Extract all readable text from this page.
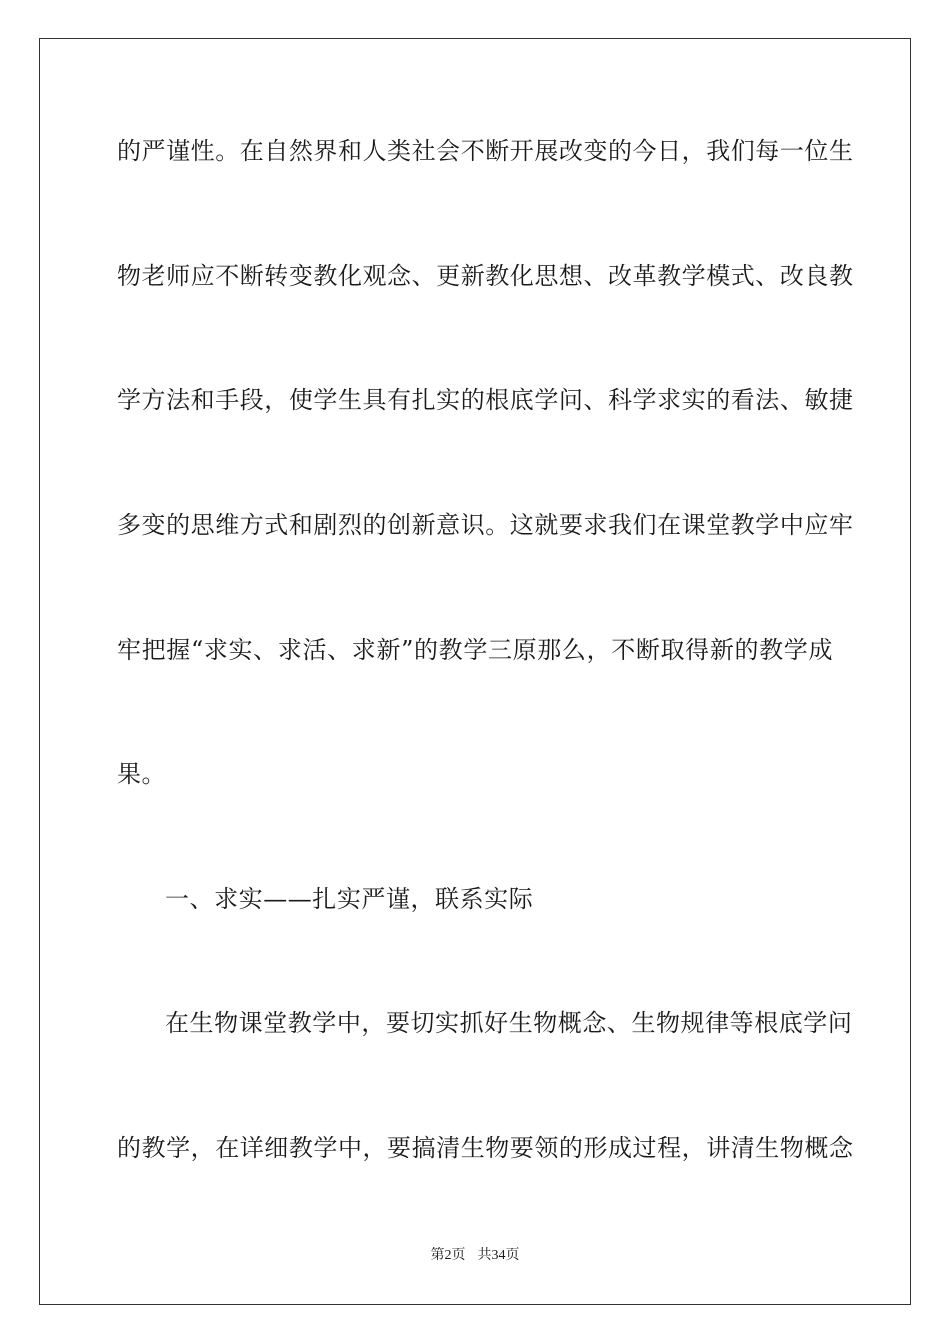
的严谨性。在自然界和人类社会不断开展改变的今日，我们每一位生
物老师应不断转变教化观念、更新教化思想、改革教学模式、改良教
学方法和手段，使学生具有扎实的根底学问、科学求实的看法、敏捷
多变的思维方式和剧烈的创新意识。这就要求我们在课堂教学中应牢
牢把握“求实、求活、求新”的教学三原那么，不断取得新的教学成
果。
一、求实——扎实严谨，联系实际
在生物课堂教学中，要切实抓好生物概念、生物规律等根底学问
的教学，在详细教学中，要搞清生物要领的形成过程，讲清生物概念
第2页 共34页
